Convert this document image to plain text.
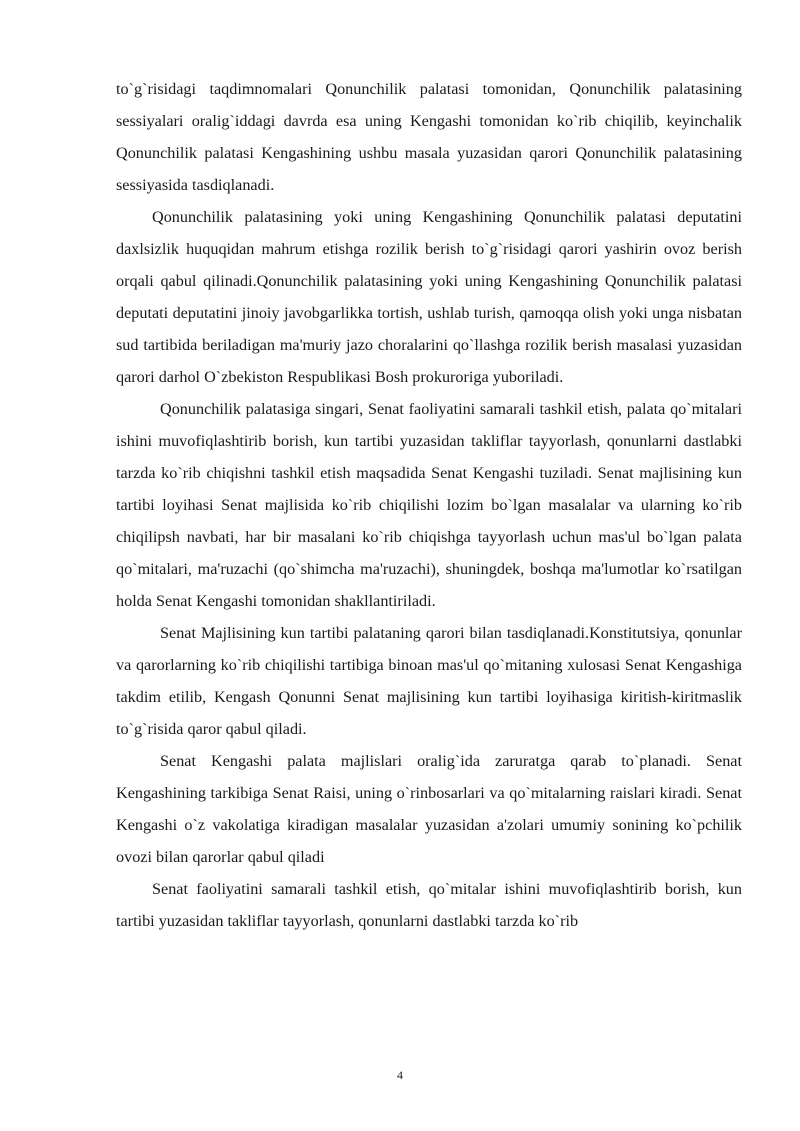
to`g`risidagi taqdimnomalari Qonunchilik palatasi tomonidan, Qonunchilik palatasining sessiyalari oralig`iddagi davrda esa uning Kengashi tomonidan ko`rib chiqilib, keyinchalik Qonunchilik palatasi Kengashining ushbu masala yuzasidan qarori Qonunchilik palatasining sessiyasida tasdiqlanadi.

Qonunchilik palatasining yoki uning Kengashining Qonunchilik palatasi deputatini daxlsizlik huquqidan mahrum etishga rozilik berish to`g`risidagi qarori yashirin ovoz berish orqali qabul qilinadi.Qonunchilik palatasining yoki uning Kengashining Qonunchilik palatasi deputati deputatini jinoiy javobgarlikka tortish, ushlab turish, qamoqqa olish yoki unga nisbatan sud tartibida beriladigan ma'muriy jazo choralarini qo`llashga rozilik berish masalasi yuzasidan qarori darhol O`zbekiston Respublikasi Bosh prokuroriga yuboriladi.

Qonunchilik palatasiga singari, Senat faoliyatini samarali tashkil etish, palata qo`mitalari ishini muvofiqlashtirib borish, kun tartibi yuzasidan takliflar tayyorlash, qonunlarni dastlabki tarzda ko`rib chiqishni tashkil etish maqsadida Senat Kengashi tuziladi. Senat majlisining kun tartibi loyihasi Senat majlisida ko`rib chiqilishi lozim bo`lgan masalalar va ularning ko`rib chiqilipsh navbati, har bir masalani ko`rib chiqishga tayyorlash uchun mas'ul bo`lgan palata qo`mitalari, ma'ruzachi (qo`shimcha ma'ruzachi), shuningdek, boshqa ma'lumotlar ko`rsatilgan holda Senat Kengashi tomonidan shakllantiriladi.

Senat Majlisining kun tartibi palataning qarori bilan tasdiqlanadi.Konstitutsiya, qonunlar va qarorlarning ko`rib chiqilishi tartibiga binoan mas'ul qo`mitaning xulosasi Senat Kengashiga takdim etilib, Kengash Qonunni Senat majlisining kun tartibi loyihasiga kiritish-kiritmaslik to`g`risida qaror qabul qiladi.

Senat Kengashi palata majlislari oralig`ida zaruratga qarab to`planadi. Senat Kengashining tarkibiga Senat Raisi, uning o`rinbosarlari va qo`mitalarning raislari kiradi. Senat Kengashi o`z vakolatiga kiradigan masalalar yuzasidan a'zolari umumiy sonining ko`pchilik ovozi bilan qarorlar qabul qiladi

Senat faoliyatini samarali tashkil etish, qo`mitalar ishini muvofiqlashtirib borish, kun tartibi yuzasidan takliflar tayyorlash, qonunlarni dastlabki tarzda ko`rib

4
